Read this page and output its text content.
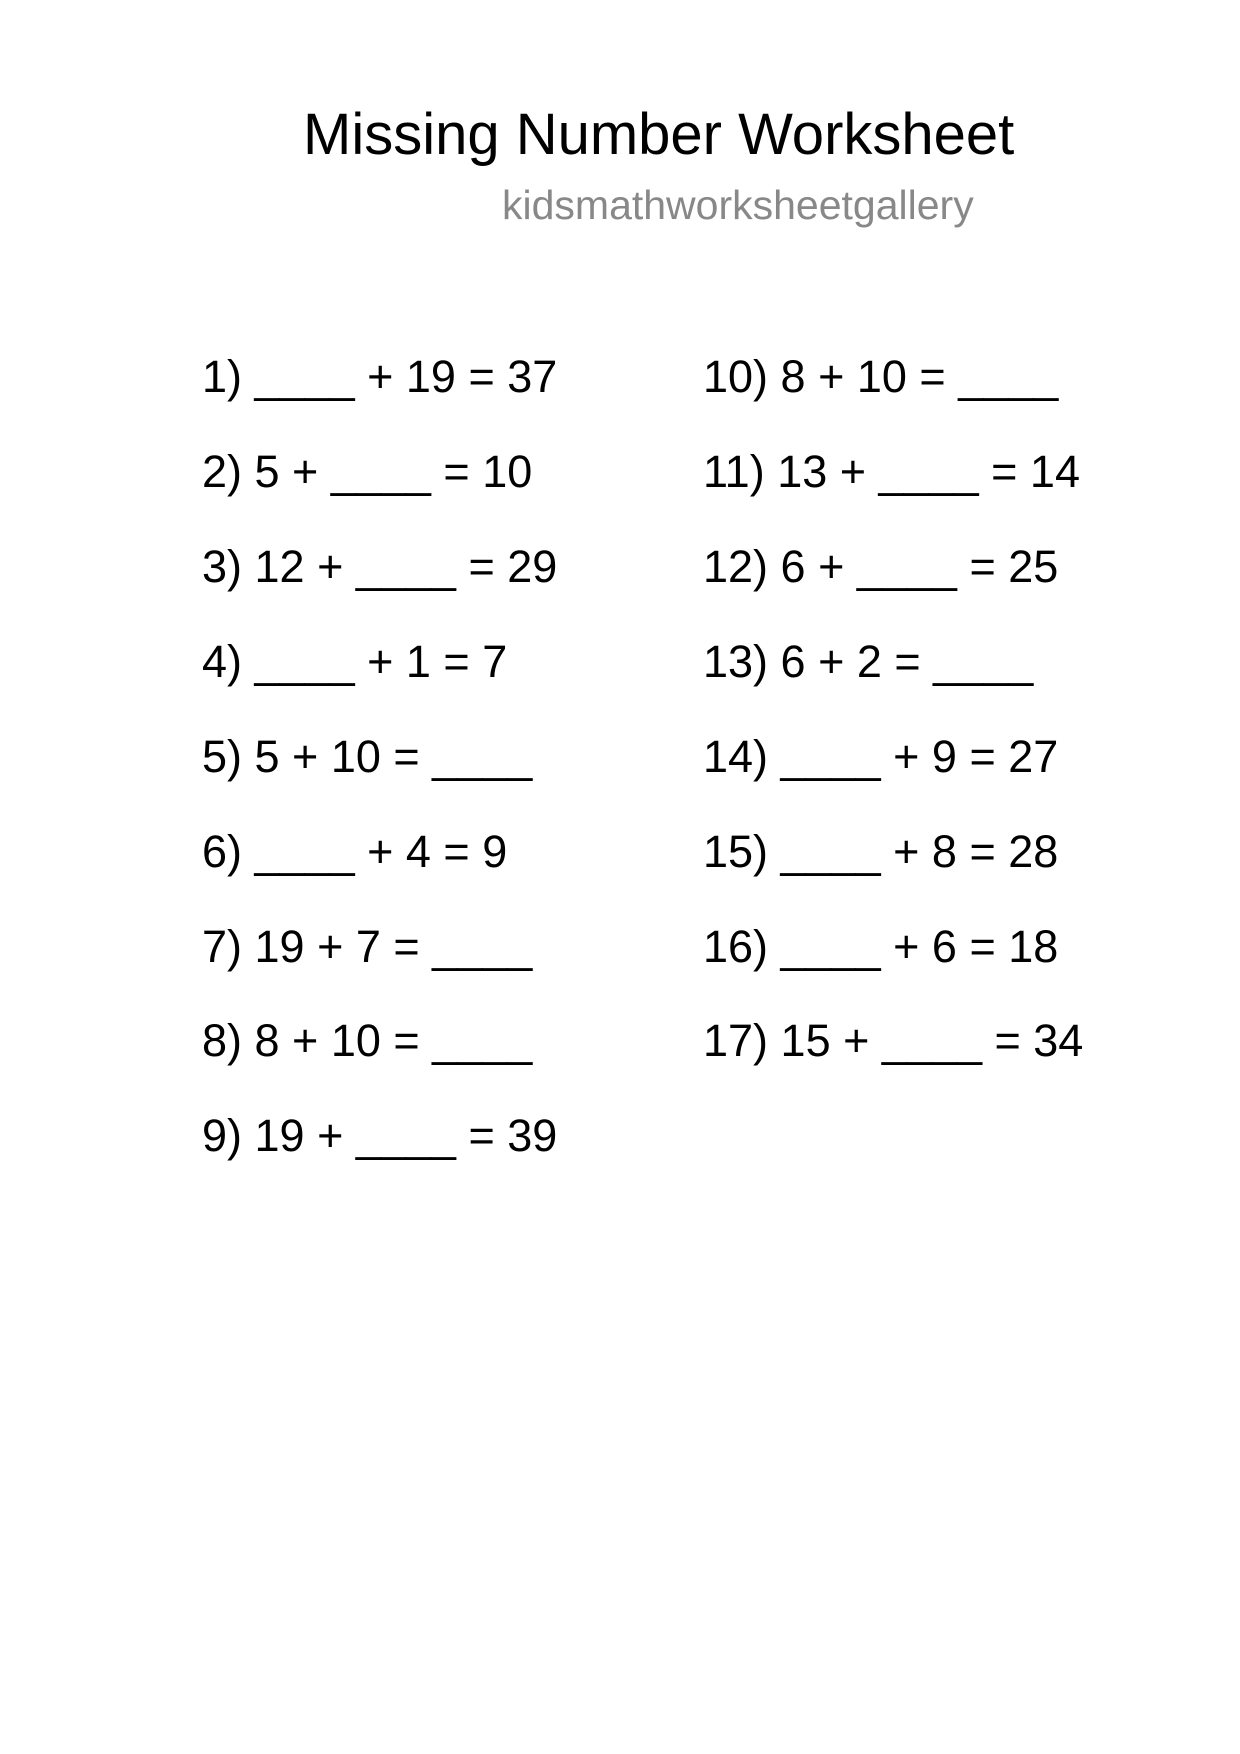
Missing Number Worksheet
kidsmathworksheetgallery
1) ____ + 19 = 37
2) 5 + ____ = 10
3) 12 + ____ = 29
4) ____ + 1 = 7
5) 5 + 10 = ____
6) ____ + 4 = 9
7) 19 + 7 = ____
8) 8 + 10 = ____
9) 19 + ____ = 39
10) 8 + 10 = ____
11) 13 + ____ = 14
12) 6 + ____ = 25
13) 6 + 2 = ____
14) ____ + 9 = 27
15) ____ + 8 = 28
16) ____ + 6 = 18
17) 15 + ____ = 34
